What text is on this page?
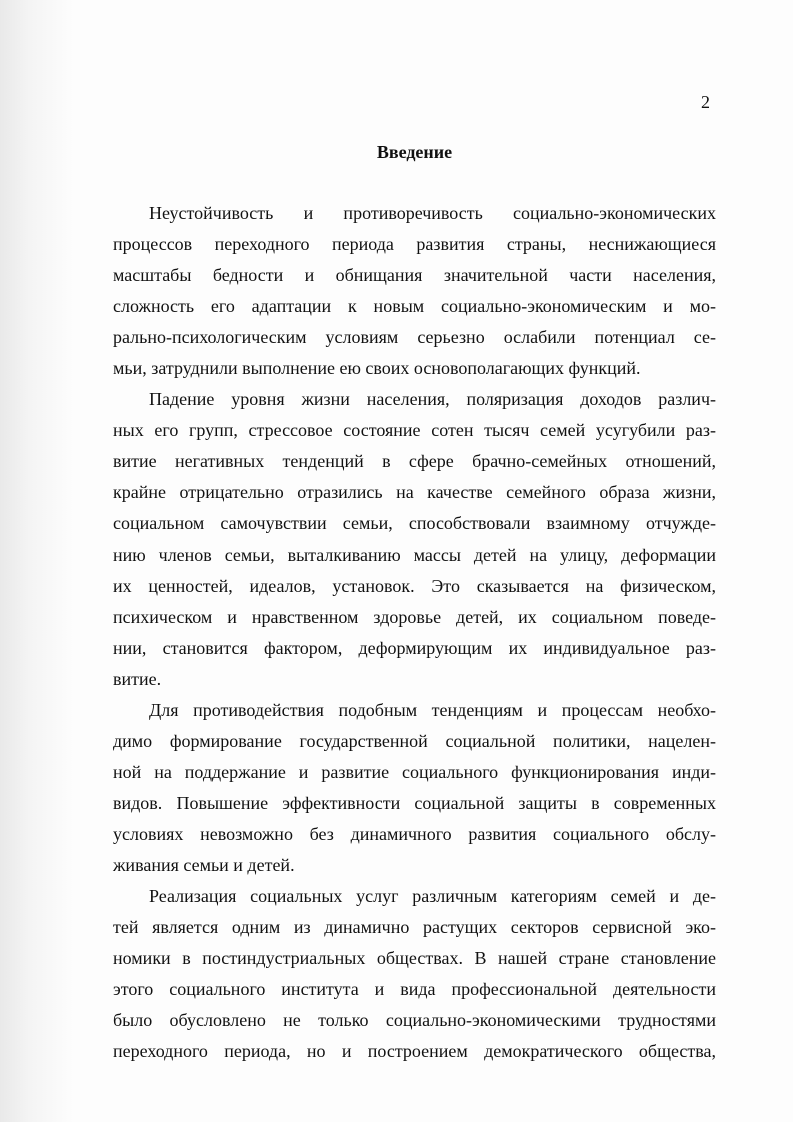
2
Введение
Неустойчивость и противоречивость социально-экономических
процессов переходного периода развития страны, неснижающиеся
масштабы бедности и обнищания значительной части населения,
сложность его адаптации к новым социально-экономическим и мо-
рально-психологическим условиям серьезно ослабили потенциал се-
мьи, затруднили выполнение ею своих основополагающих функций.
Падение уровня жизни населения, поляризация доходов различ-
ных его групп, стрессовое состояние сотен тысяч семей усугубили раз-
витие негативных тенденций в сфере брачно-семейных отношений,
крайне отрицательно отразились на качестве семейного образа жизни,
социальном самочувствии семьи, способствовали взаимному отчужде-
нию членов семьи, выталкиванию массы детей на улицу, деформации
их ценностей, идеалов, установок. Это сказывается на физическом,
психическом и нравственном здоровье детей, их социальном поведе-
нии, становится фактором, деформирующим их индивидуальное раз-
витие.
Для противодействия подобным тенденциям и процессам необхо-
димо формирование государственной социальной политики, нацелен-
ной на поддержание и развитие социального функционирования инди-
видов. Повышение эффективности социальной защиты в современных
условиях невозможно без динамичного развития социального обслу-
живания семьи и детей.
Реализация социальных услуг различным категориям семей и де-
тей является одним из динамично растущих секторов сервисной эко-
номики в постиндустриальных обществах. В нашей стране становление
этого социального института и вида профессиональной деятельности
было обусловлено не только социально-экономическими трудностями
переходного периода, но и построением демократического общества,
